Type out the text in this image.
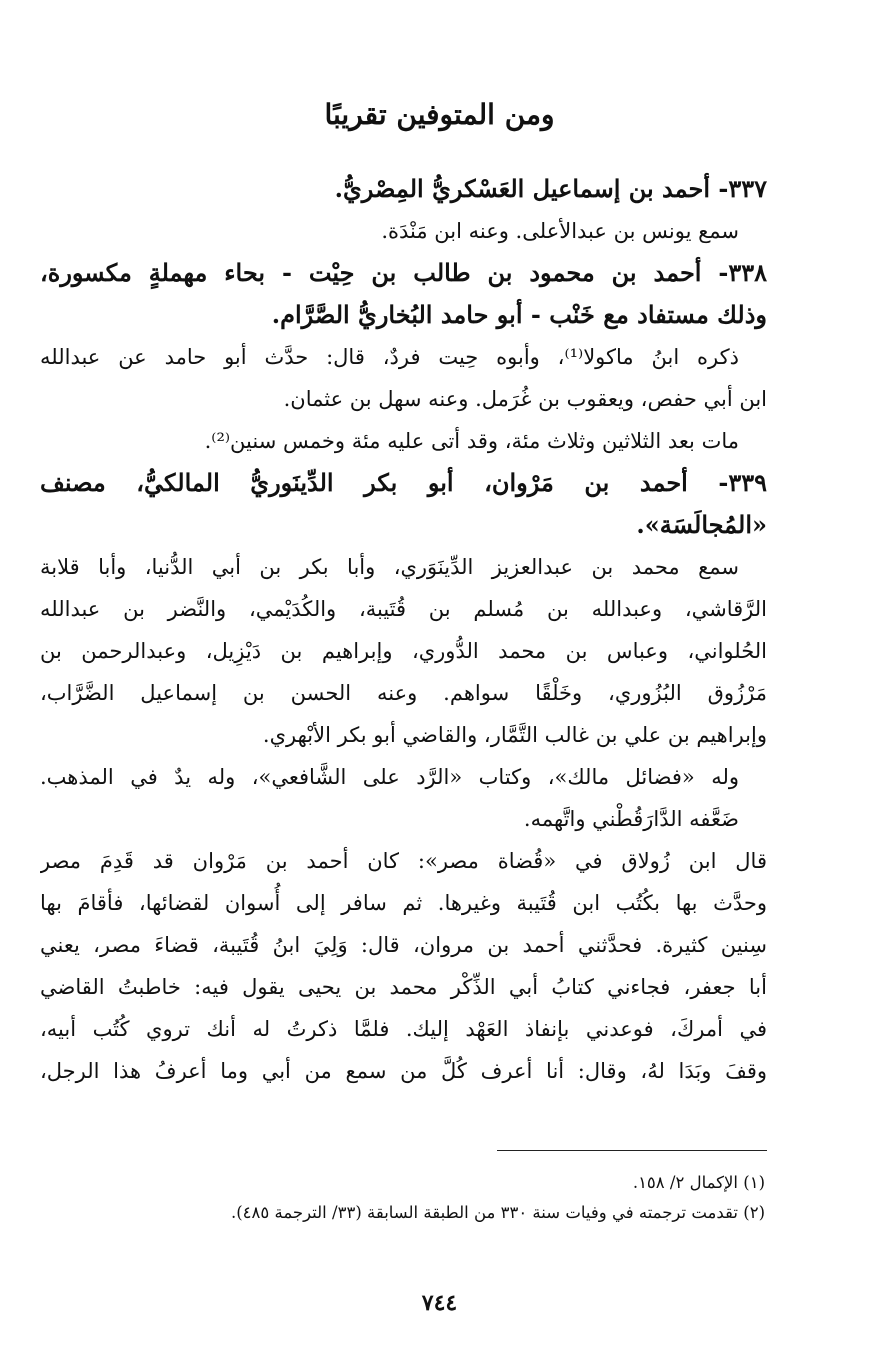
ومن المتوفين تقريبًا
٣٣٧- أحمد بن إسماعيل العَسْكريُّ المِصْريُّ.
سمع يونس بن عبدالأعلى. وعنه ابن مَنْدَة.
٣٣٨- أحمد بن محمود بن طالب بن حِيْت - بحاء مهملةٍ مكسورة،
وذلك مستفاد مع خَنْب - أبو حامد البُخاريُّ الصَّرَّام.
ذكره ابنُ ماكولا⁽¹⁾، وأبوه حِيت فردٌ، قال: حدَّث أبو حامد عن عبدالله
ابن أبي حفص، ويعقوب بن غُرَمل. وعنه سهل بن عثمان.
مات بعد الثلاثين وثلاث مئة، وقد أتى عليه مئة وخمس سنين⁽²⁾.
٣٣٩- أحمد بن مَرْوان، أبو بكر الدِّينَوريُّ المالكيُّ، مصنف
«المُجالَسَة».
سمع محمد بن عبدالعزيز الدِّينَوَري، وأبا بكر بن أبي الدُّنيا، وأبا قلابة
الرَّقاشي، وعبدالله بن مُسلم بن قُتَيبة، والكُدَيْمي، والنَّضر بن عبدالله
الحُلواني، وعباس بن محمد الدُّوري، وإبراهيم بن دَيْزِيل، وعبدالرحمن بن
مَرْزُوق البُزُوري، وخَلْقًا سواهم. وعنه الحسن بن إسماعيل الضَّرَّاب،
وإبراهيم بن علي بن غالب التَّمَّار، والقاضي أبو بكر الأبْهري.
وله «فضائل مالك»، وكتاب «الرَّد على الشَّافعي»، وله يدٌ في المذهب.
ضَعَّفه الدَّارَقُطْني واتَّهمه.
قال ابن زُولاق في «قُضاة مصر»: كان أحمد بن مَرْوان قد قَدِمَ مصر
وحدَّث بها بكُتُب ابن قُتَيبة وغيرها. ثم سافر إلى أُسوان لقضائها، فأقامَ بها
سِنين كثيرة. فحدَّثني أحمد بن مروان، قال: وَلِيَ ابنُ قُتَيبة، قضاءَ مصر، يعني
أبا جعفر، فجاءني كتابُ أبي الذِّكْر محمد بن يحيى يقول فيه: خاطبتُ القاضي
في أمركَ، فوعدني بإنفاذ العَهْد إليك. فلمَّا ذكرتُ له أنك تروي كُتُب أبيه،
وقفَ وبَدَا لهُ، وقال: أنا أعرف كُلَّ من سمع من أبي وما أعرفُ هذا الرجل،
(١) الإكمال ٢/ ١٥٨.
(٢) تقدمت ترجمته في وفيات سنة ٣٣٠ من الطبقة السابقة (٣٣/ الترجمة ٤٨٥).
٧٤٤
